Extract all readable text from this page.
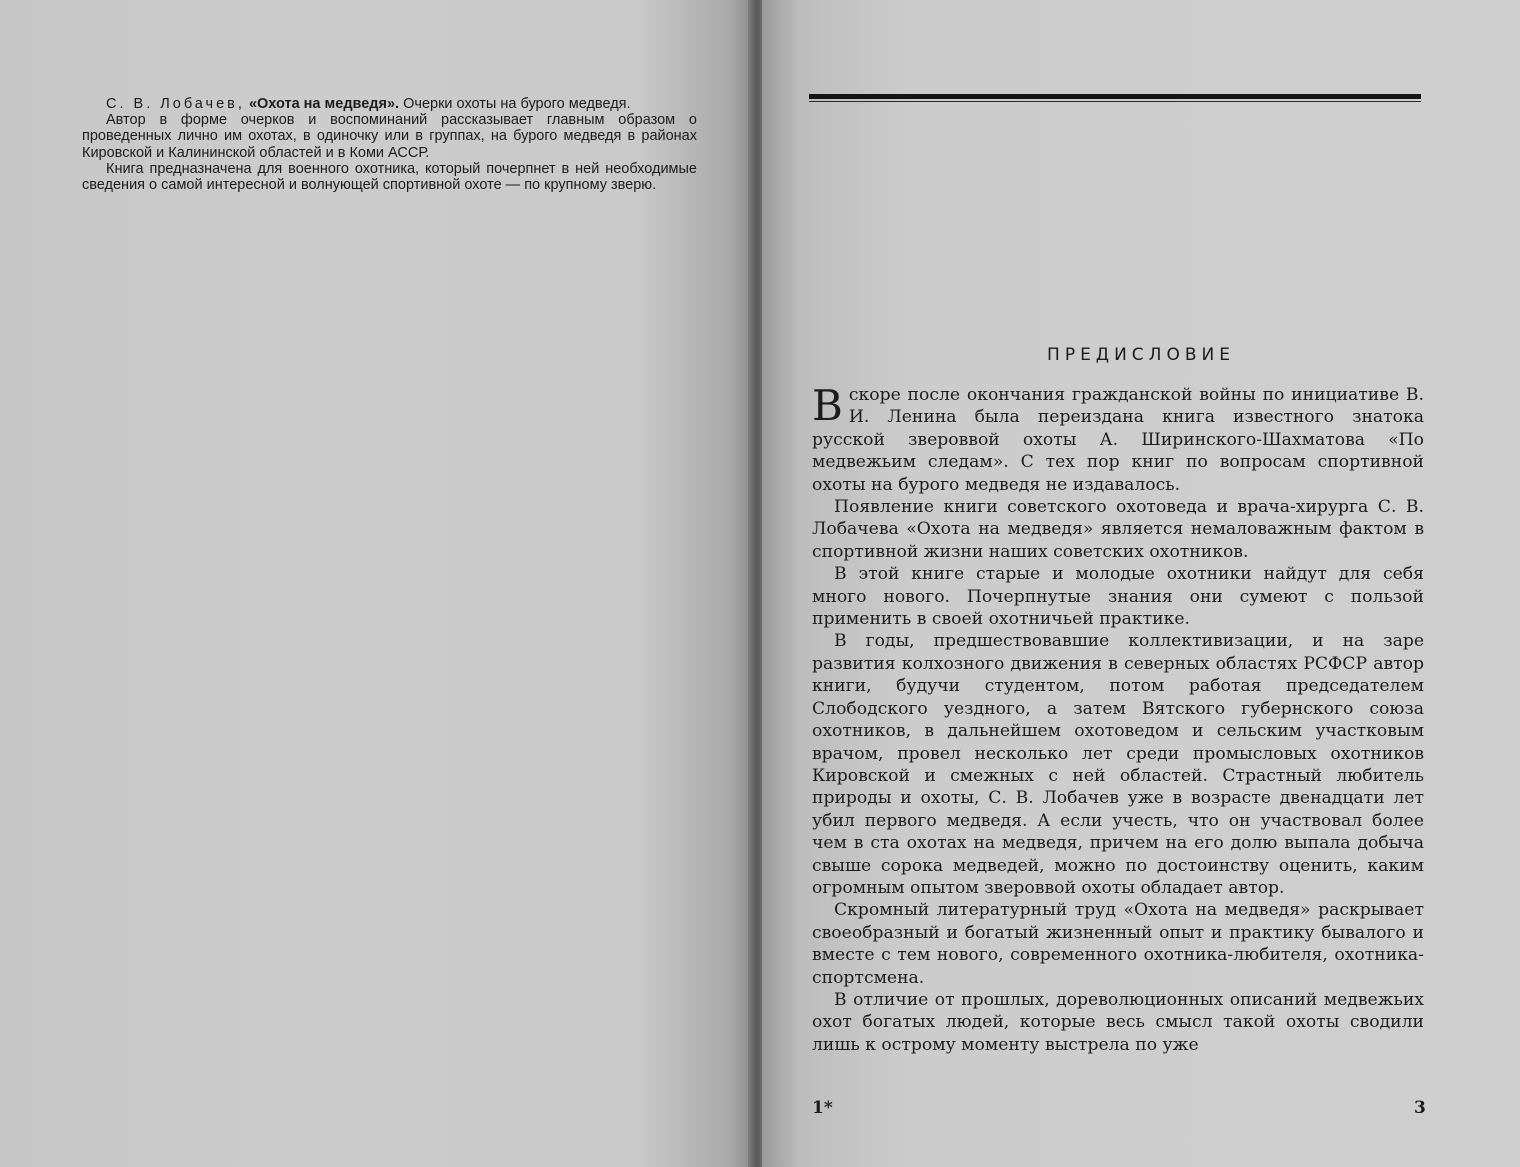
С. В. Лобачев, «Охота на медведя». Очерки охоты на бурого медведя.

Автор в форме очерков и воспоминаний рассказывает главным образом о проведенных лично им охотах, в одиночку или в группах, на бурого медведя в районах Кировской и Калининской областей и в Коми АССР.

Книга предназначена для военного охотника, который почерпнет в ней необходимые сведения о самой интересной и волнующей спортивной охоте — по крупному зверю.

ПРЕДИСЛОВИЕ

Вскоре после окончания гражданской войны по инициативе В. И. Ленина была переиздана книга известного знатока русской звероввой охоты А. Ширинского-Шахматова «По медвежьим следам». С тех пор книг по вопросам спортивной охоты на бурого медведя не издавалось.

Появление книги советского охотоведа и врача-хирурга С. В. Лобачева «Охота на медведя» является немаловажным фактом в спортивной жизни наших советских охотников.

В этой книге старые и молодые охотники найдут для себя много нового. Почерпнутые знания они сумеют с пользой применить в своей охотничьей практике.

В годы, предшествовавшие коллективизации, и на заре развития колхозного движения в северных областях РСФСР автор книги, будучи студентом, потом работая председателем Слободского уездного, а затем Вятского губернского союза охотников, в дальнейшем охотоведом и сельским участковым врачом, провел несколько лет среди промысловых охотников Кировской и смежных с ней областей. Страстный любитель природы и охоты, С. В. Лобачев уже в возрасте двенадцати лет убил первого медведя. А если учесть, что он участвовал более чем в ста охотах на медведя, причем на его долю выпала добыча свыше сорока медведей, можно по достоинству оценить, каким огромным опытом звероввой охоты обладает автор.

Скромный литературный труд «Охота на медведя» раскрывает своеобразный и богатый жизненный опыт и практику бывалого и вместе с тем нового, современного охотника-любителя, охотника-спортсмена.

В отличие от прошлых, дореволюционных описаний медвежьих охот богатых людей, которые весь смысл такой охоты сводили лишь к острому моменту выстрела по уже

1*	3
